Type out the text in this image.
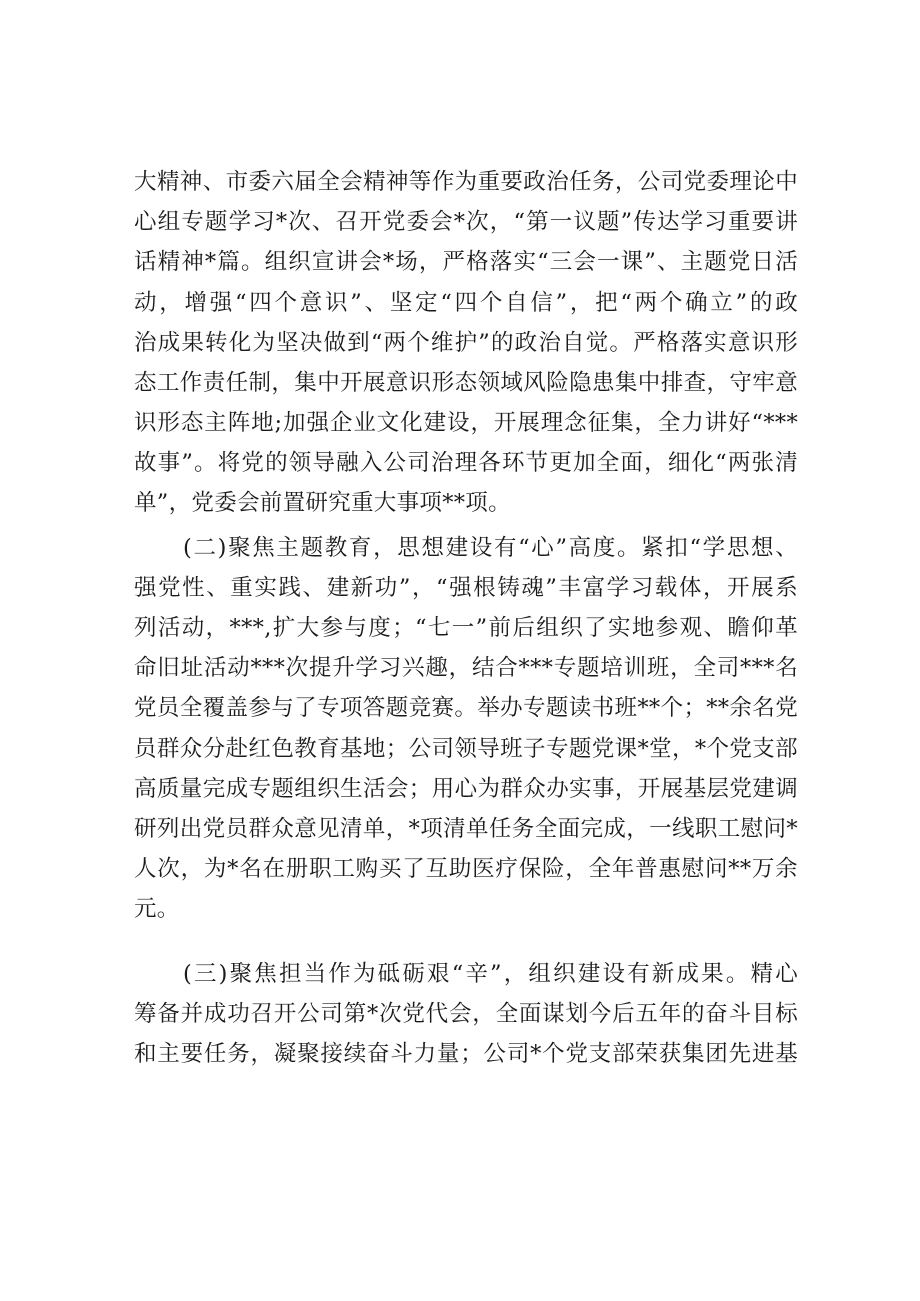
大精神、市委六届全会精神等作为重要政治任务，公司党委理论中
心组专题学习*次、召开党委会*次，“第一议题”传达学习重要讲
话精神*篇。组织宣讲会*场，严格落实“三会一课”、主题党日活
动，增强“四个意识”、坚定“四个自信”，把“两个确立”的政
治成果转化为坚决做到“两个维护”的政治自觉。严格落实意识形
态工作责任制，集中开展意识形态领域风险隐患集中排查，守牢意
识形态主阵地;加强企业文化建设，开展理念征集，全力讲好“***
故事”。将党的领导融入公司治理各环节更加全面，细化“两张清
单”，党委会前置研究重大事项**项。
(二)聚焦主题教育，思想建设有“心”高度。紧扣“学思想、
强党性、重实践、建新功”，“强根铸魂”丰富学习载体，开展系
列活动，***,扩大参与度；“七一”前后组织了实地参观、瞻仰革
命旧址活动***次提升学习兴趣，结合***专题培训班，全司***名
党员全覆盖参与了专项答题竞赛。举办专题读书班**个；**余名党
员群众分赴红色教育基地；公司领导班子专题党课*堂，*个党支部
高质量完成专题组织生活会；用心为群众办实事，开展基层党建调
研列出党员群众意见清单，*项清单任务全面完成，一线职工慰问*
人次，为*名在册职工购买了互助医疗保险，全年普惠慰问**万余
元。
(三)聚焦担当作为砥砺艰“辛”，组织建设有新成果。精心
筹备并成功召开公司第*次党代会，全面谋划今后五年的奋斗目标
和主要任务，凝聚接续奋斗力量；公司*个党支部荣获集团先进基
